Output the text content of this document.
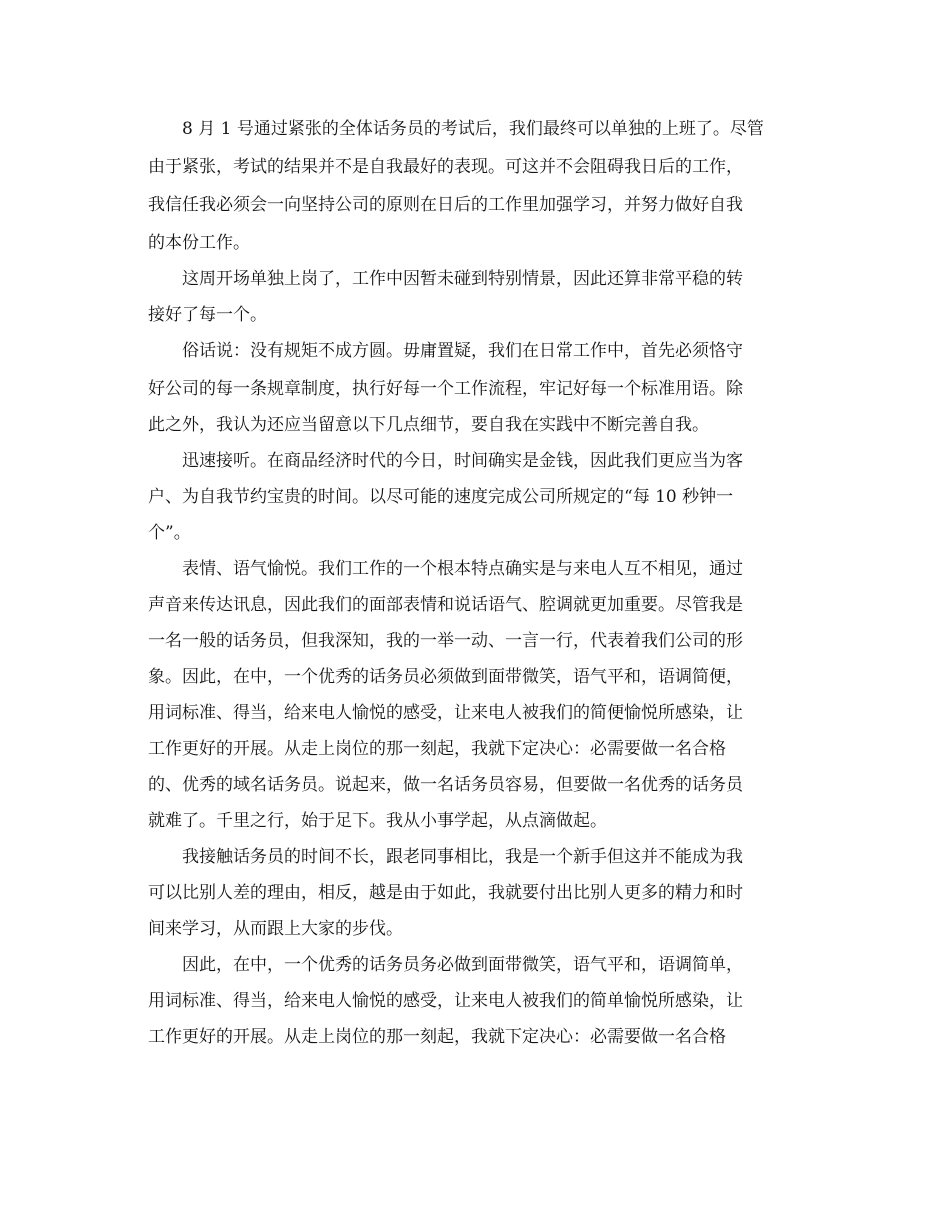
8 月 1 号通过紧张的全体话务员的考试后，我们最终可以单独的上班了。尽管
由于紧张，考试的结果并不是自我最好的表现。可这并不会阻碍我日后的工作，
我信任我必须会一向坚持公司的原则在日后的工作里加强学习，并努力做好自我
的本份工作。
这周开场单独上岗了，工作中因暂未碰到特别情景，因此还算非常平稳的转
接好了每一个。
俗话说：没有规矩不成方圆。毋庸置疑，我们在日常工作中，首先必须恪守
好公司的每一条规章制度，执行好每一个工作流程，牢记好每一个标准用语。除
此之外，我认为还应当留意以下几点细节，要自我在实践中不断完善自我。
迅速接听。在商品经济时代的今日，时间确实是金钱，因此我们更应当为客
户、为自我节约宝贵的时间。以尽可能的速度完成公司所规定的“每 10 秒钟一
个”。
表情、语气愉悦。我们工作的一个根本特点确实是与来电人互不相见，通过
声音来传达讯息，因此我们的面部表情和说话语气、腔调就更加重要。尽管我是
一名一般的话务员，但我深知，我的一举一动、一言一行，代表着我们公司的形
象。因此，在中，一个优秀的话务员必须做到面带微笑，语气平和，语调简便，
用词标准、得当，给来电人愉悦的感受，让来电人被我们的简便愉悦所感染，让
工作更好的开展。从走上岗位的那一刻起，我就下定决心：必需要做一名合格
的、优秀的域名话务员。说起来，做一名话务员容易，但要做一名优秀的话务员
就难了。千里之行，始于足下。我从小事学起，从点滴做起。
我接触话务员的时间不长，跟老同事相比，我是一个新手但这并不能成为我
可以比别人差的理由，相反，越是由于如此，我就要付出比别人更多的精力和时
间来学习，从而跟上大家的步伐。
因此，在中，一个优秀的话务员务必做到面带微笑，语气平和，语调简单，
用词标准、得当，给来电人愉悦的感受，让来电人被我们的简单愉悦所感染，让
工作更好的开展。从走上岗位的那一刻起，我就下定决心：必需要做一名合格
